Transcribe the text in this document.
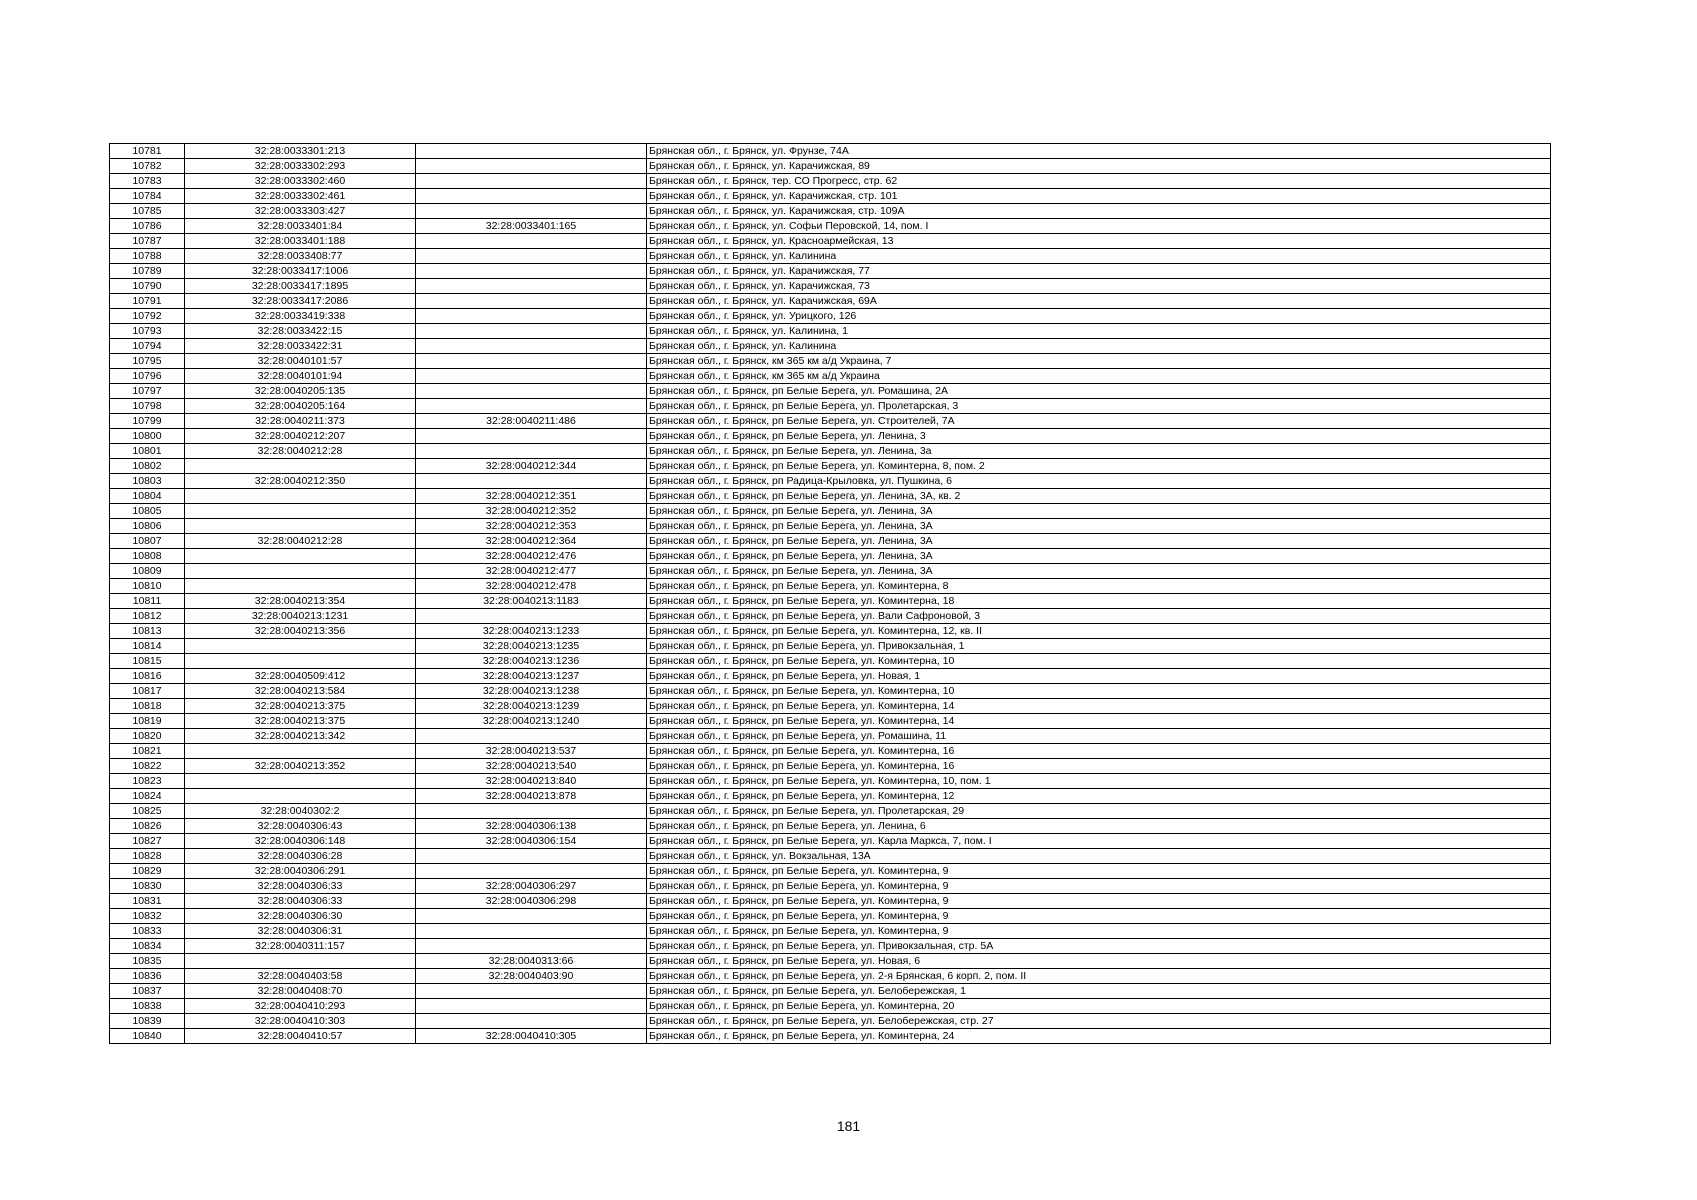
10781	32:28:0033301:213		Брянская обл., г. Брянск, ул. Фрунзе, 74А
10782	32:28:0033302:293		Брянская обл., г. Брянск, ул. Карачижская, 89
10783	32:28:0033302:460		Брянская обл., г. Брянск, тер. СО Прогресс, стр. 62
10784	32:28:0033302:461		Брянская обл., г. Брянск, ул. Карачижская, стр. 101
10785	32:28:0033303:427		Брянская обл., г. Брянск, ул. Карачижская, стр. 109А
10786	32:28:0033401:84	32:28:0033401:165	Брянская обл., г. Брянск, ул. Софьи Перовской, 14, пом. I
10787	32:28:0033401:188		Брянская обл., г. Брянск, ул. Красноармейская, 13
10788	32:28:0033408:77		Брянская обл., г. Брянск, ул. Калинина
10789	32:28:0033417:1006		Брянская обл., г. Брянск, ул. Карачижская, 77
10790	32:28:0033417:1895		Брянская обл., г. Брянск, ул. Карачижская, 73
10791	32:28:0033417:2086		Брянская обл., г. Брянск, ул. Карачижская, 69А
10792	32:28:0033419:338		Брянская обл., г. Брянск, ул. Урицкого, 126
10793	32:28:0033422:15		Брянская обл., г. Брянск, ул. Калинина, 1
10794	32:28:0033422:31		Брянская обл., г. Брянск, ул. Калинина
10795	32:28:0040101:57		Брянская обл., г. Брянск, км 365 км а/д Украина, 7
10796	32:28:0040101:94		Брянская обл., г. Брянск, км 365 км а/д Украина
10797	32:28:0040205:135		Брянская обл., г. Брянск, рп Белые Берега, ул. Ромашина, 2А
10798	32:28:0040205:164		Брянская обл., г. Брянск, рп Белые Берега, ул. Пролетарская, 3
10799	32:28:0040211:373	32:28:0040211:486	Брянская обл., г. Брянск, рп Белые Берега, ул. Строителей, 7А
10800	32:28:0040212:207		Брянская обл., г. Брянск, рп Белые Берега, ул. Ленина, 3
10801	32:28:0040212:28		Брянская обл., г. Брянск, рп Белые Берега, ул. Ленина, 3а
10802		32:28:0040212:344	Брянская обл., г. Брянск, рп Белые Берега, ул. Коминтерна, 8, пом. 2
10803	32:28:0040212:350		Брянская обл., г. Брянск, рп Радица-Крыловка, ул. Пушкина, 6
10804		32:28:0040212:351	Брянская обл., г. Брянск, рп Белые Берега, ул. Ленина, 3А, кв. 2
10805		32:28:0040212:352	Брянская обл., г. Брянск, рп Белые Берега, ул. Ленина, 3А
10806		32:28:0040212:353	Брянская обл., г. Брянск, рп Белые Берега, ул. Ленина, 3А
10807	32:28:0040212:28	32:28:0040212:364	Брянская обл., г. Брянск, рп Белые Берега, ул. Ленина, 3А
10808		32:28:0040212:476	Брянская обл., г. Брянск, рп Белые Берега, ул. Ленина, 3А
10809		32:28:0040212:477	Брянская обл., г. Брянск, рп Белые Берега, ул. Ленина, 3А
10810		32:28:0040212:478	Брянская обл., г. Брянск, рп Белые Берега, ул. Коминтерна, 8
10811	32:28:0040213:354	32:28:0040213:1183	Брянская обл., г. Брянск, рп Белые Берега, ул. Коминтерна, 18
10812	32:28:0040213:1231		Брянская обл., г. Брянск, рп Белые Берега, ул. Вали Сафроновой, 3
10813	32:28:0040213:356	32:28:0040213:1233	Брянская обл., г. Брянск, рп Белые Берега, ул. Коминтерна, 12, кв. II
10814		32:28:0040213:1235	Брянская обл., г. Брянск, рп Белые Берега, ул. Привокзальная, 1
10815		32:28:0040213:1236	Брянская обл., г. Брянск, рп Белые Берега, ул. Коминтерна, 10
10816	32:28:0040509:412	32:28:0040213:1237	Брянская обл., г. Брянск, рп Белые Берега, ул. Новая, 1
10817	32:28:0040213:584	32:28:0040213:1238	Брянская обл., г. Брянск, рп Белые Берега, ул. Коминтерна, 10
10818	32:28:0040213:375	32:28:0040213:1239	Брянская обл., г. Брянск, рп Белые Берега, ул. Коминтерна, 14
10819	32:28:0040213:375	32:28:0040213:1240	Брянская обл., г. Брянск, рп Белые Берега, ул. Коминтерна, 14
10820	32:28:0040213:342		Брянская обл., г. Брянск, рп Белые Берега, ул. Ромашина, 11
10821		32:28:0040213:537	Брянская обл., г. Брянск, рп Белые Берега, ул. Коминтерна, 16
10822	32:28:0040213:352	32:28:0040213:540	Брянская обл., г. Брянск, рп Белые Берега, ул. Коминтерна, 16
10823		32:28:0040213:840	Брянская обл., г. Брянск, рп Белые Берега, ул. Коминтерна, 10, пом. 1
10824		32:28:0040213:878	Брянская обл., г. Брянск, рп Белые Берега, ул. Коминтерна, 12
10825	32:28:0040302:2		Брянская обл., г. Брянск, рп Белые Берега, ул. Пролетарская, 29
10826	32:28:0040306:43	32:28:0040306:138	Брянская обл., г. Брянск, рп Белые Берега, ул. Ленина, 6
10827	32:28:0040306:148	32:28:0040306:154	Брянская обл., г. Брянск, рп Белые Берега, ул. Карла Маркса, 7, пом. I
10828	32:28:0040306:28		Брянская обл., г. Брянск, ул. Вокзальная, 13А
10829	32:28:0040306:291		Брянская обл., г. Брянск, рп Белые Берега, ул. Коминтерна, 9
10830	32:28:0040306:33	32:28:0040306:297	Брянская обл., г. Брянск, рп Белые Берега, ул. Коминтерна, 9
10831	32:28:0040306:33	32:28:0040306:298	Брянская обл., г. Брянск, рп Белые Берега, ул. Коминтерна, 9
10832	32:28:0040306:30		Брянская обл., г. Брянск, рп Белые Берега, ул. Коминтерна, 9
10833	32:28:0040306:31		Брянская обл., г. Брянск, рп Белые Берега, ул. Коминтерна, 9
10834	32:28:0040311:157		Брянская обл., г. Брянск, рп Белые Берега, ул. Привокзальная, стр. 5А
10835		32:28:0040313:66	Брянская обл., г. Брянск, рп Белые Берега, ул. Новая, 6
10836	32:28:0040403:58	32:28:0040403:90	Брянская обл., г. Брянск, рп Белые Берега, ул. 2-я Брянская, 6 корп. 2, пом. II
10837	32:28:0040408:70		Брянская обл., г. Брянск, рп Белые Берега, ул. Белобережская, 1
10838	32:28:0040410:293		Брянская обл., г. Брянск, рп Белые Берега, ул. Коминтерна, 20
10839	32:28:0040410:303		Брянская обл., г. Брянск, рп Белые Берега, ул. Белобережская, стр. 27
10840	32:28:0040410:57	32:28:0040410:305	Брянская обл., г. Брянск, рп Белые Берега, ул. Коминтерна, 24
181
